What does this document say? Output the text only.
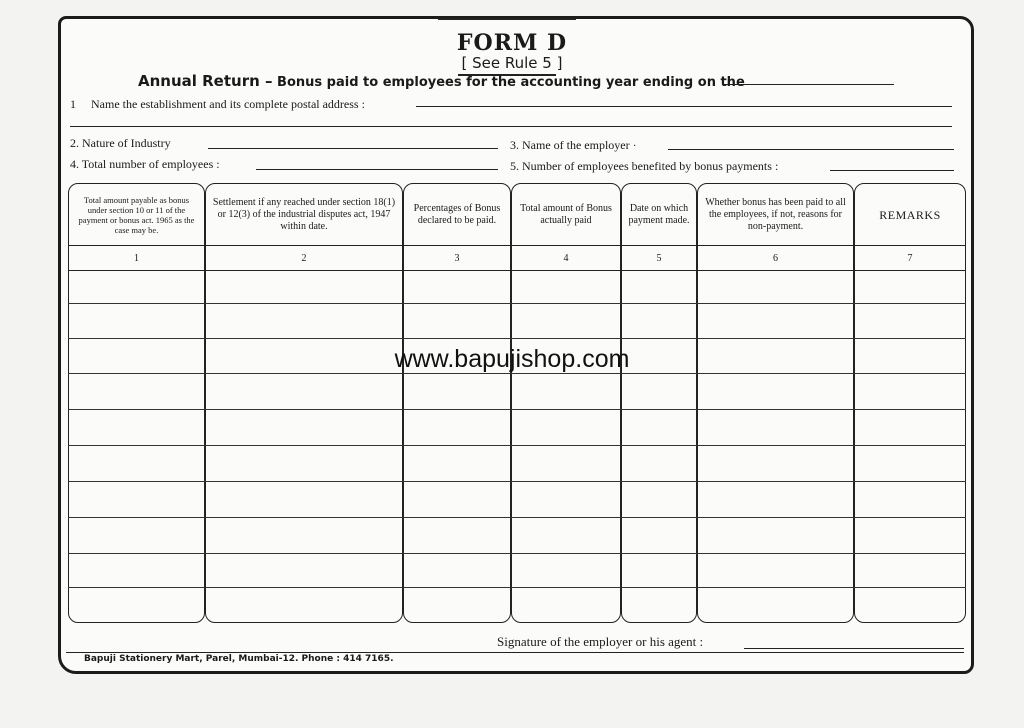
FORM D
[ See Rule 5 ]
Annual Return – Bonus paid to employees for the accounting year ending on the
1 Name the establishment and its complete postal address :
2. Nature of Industry	3. Name of the employer ·
4. Total number of employees :	5. Number of employees benefited by bonus payments :
Total amount payable as bonus under section 10 or 11 of the payment or bonus act. 1965 as the case may be.
1
Settlement if any reached under section 18(1) or 12(3) of the industrial disputes act, 1947 within date.
2
Percentages of Bonus declared to be paid.
3
Total amount of Bonus actually paid
4
Date on which payment made.
5
Whether bonus has been paid to all the employees, if not, reasons for non-payment.
6
REMARKS
7
www.bapujishop.com
Signature of the employer or his agent :
Bapuji Stationery Mart, Parel, Mumbai-12. Phone : 414 7165.
